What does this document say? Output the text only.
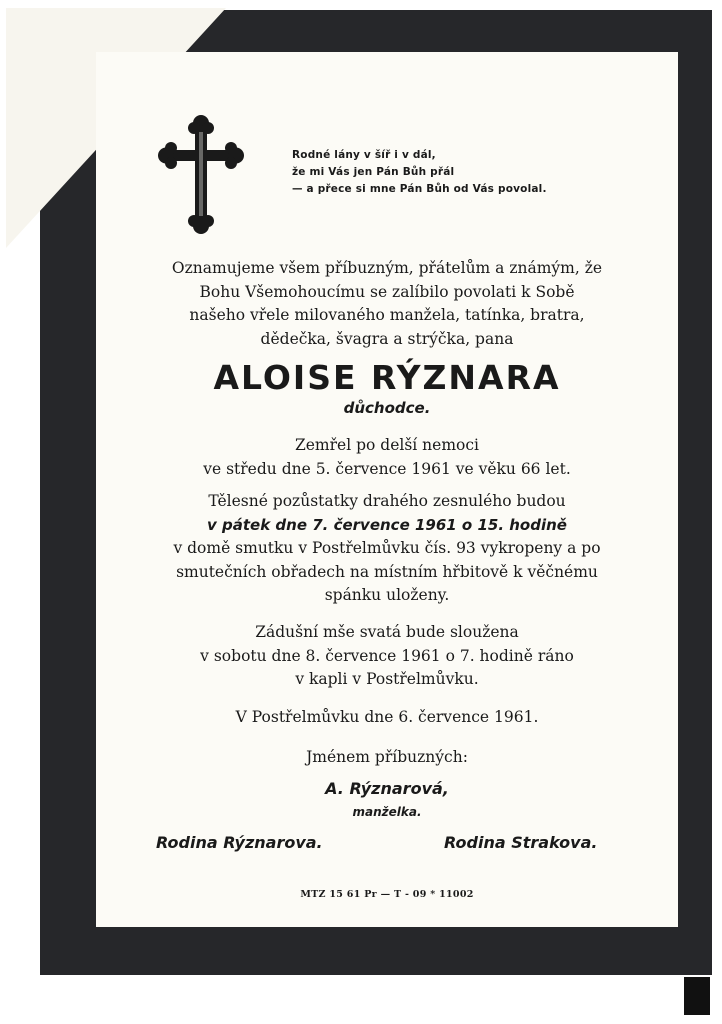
Rodné lány v šíř i v dál,
že mi Vás jen Pán Bůh přál
— a přece si mne Pán Bůh od Vás povolal.
Oznamujeme všem příbuzným, přátelům a známým, že
Bohu Všemohoucímu se zalíbilo povolati k Sobě
našeho vřele milovaného manžela, tatínka, bratra,
dědečka, švagra a strýčka, pana
ALOISE RÝZNARA
důchodce.
Zemřel po delší nemoci
ve středu dne 5. července 1961 ve věku 66 let.
Tělesné pozůstatky drahého zesnulého budou
v pátek dne 7. července 1961 o 15. hodině
v domě smutku v Postřelmůvku čís. 93 vykropeny a po
smutečních obřadech na místním hřbitově k věčnému
spánku uloženy.
Zádušní mše svatá bude sloužena
v sobotu dne 8. července 1961 o 7. hodině ráno
v kapli v Postřelmůvku.
V Postřelmůvku dne 6. července 1961.
Jménem příbuzných:
A. Rýznarová,
manželka.
Rodina Rýznarova.	Rodina Strakova.
MTZ 15 61 Pr — T - 09 * 11002
